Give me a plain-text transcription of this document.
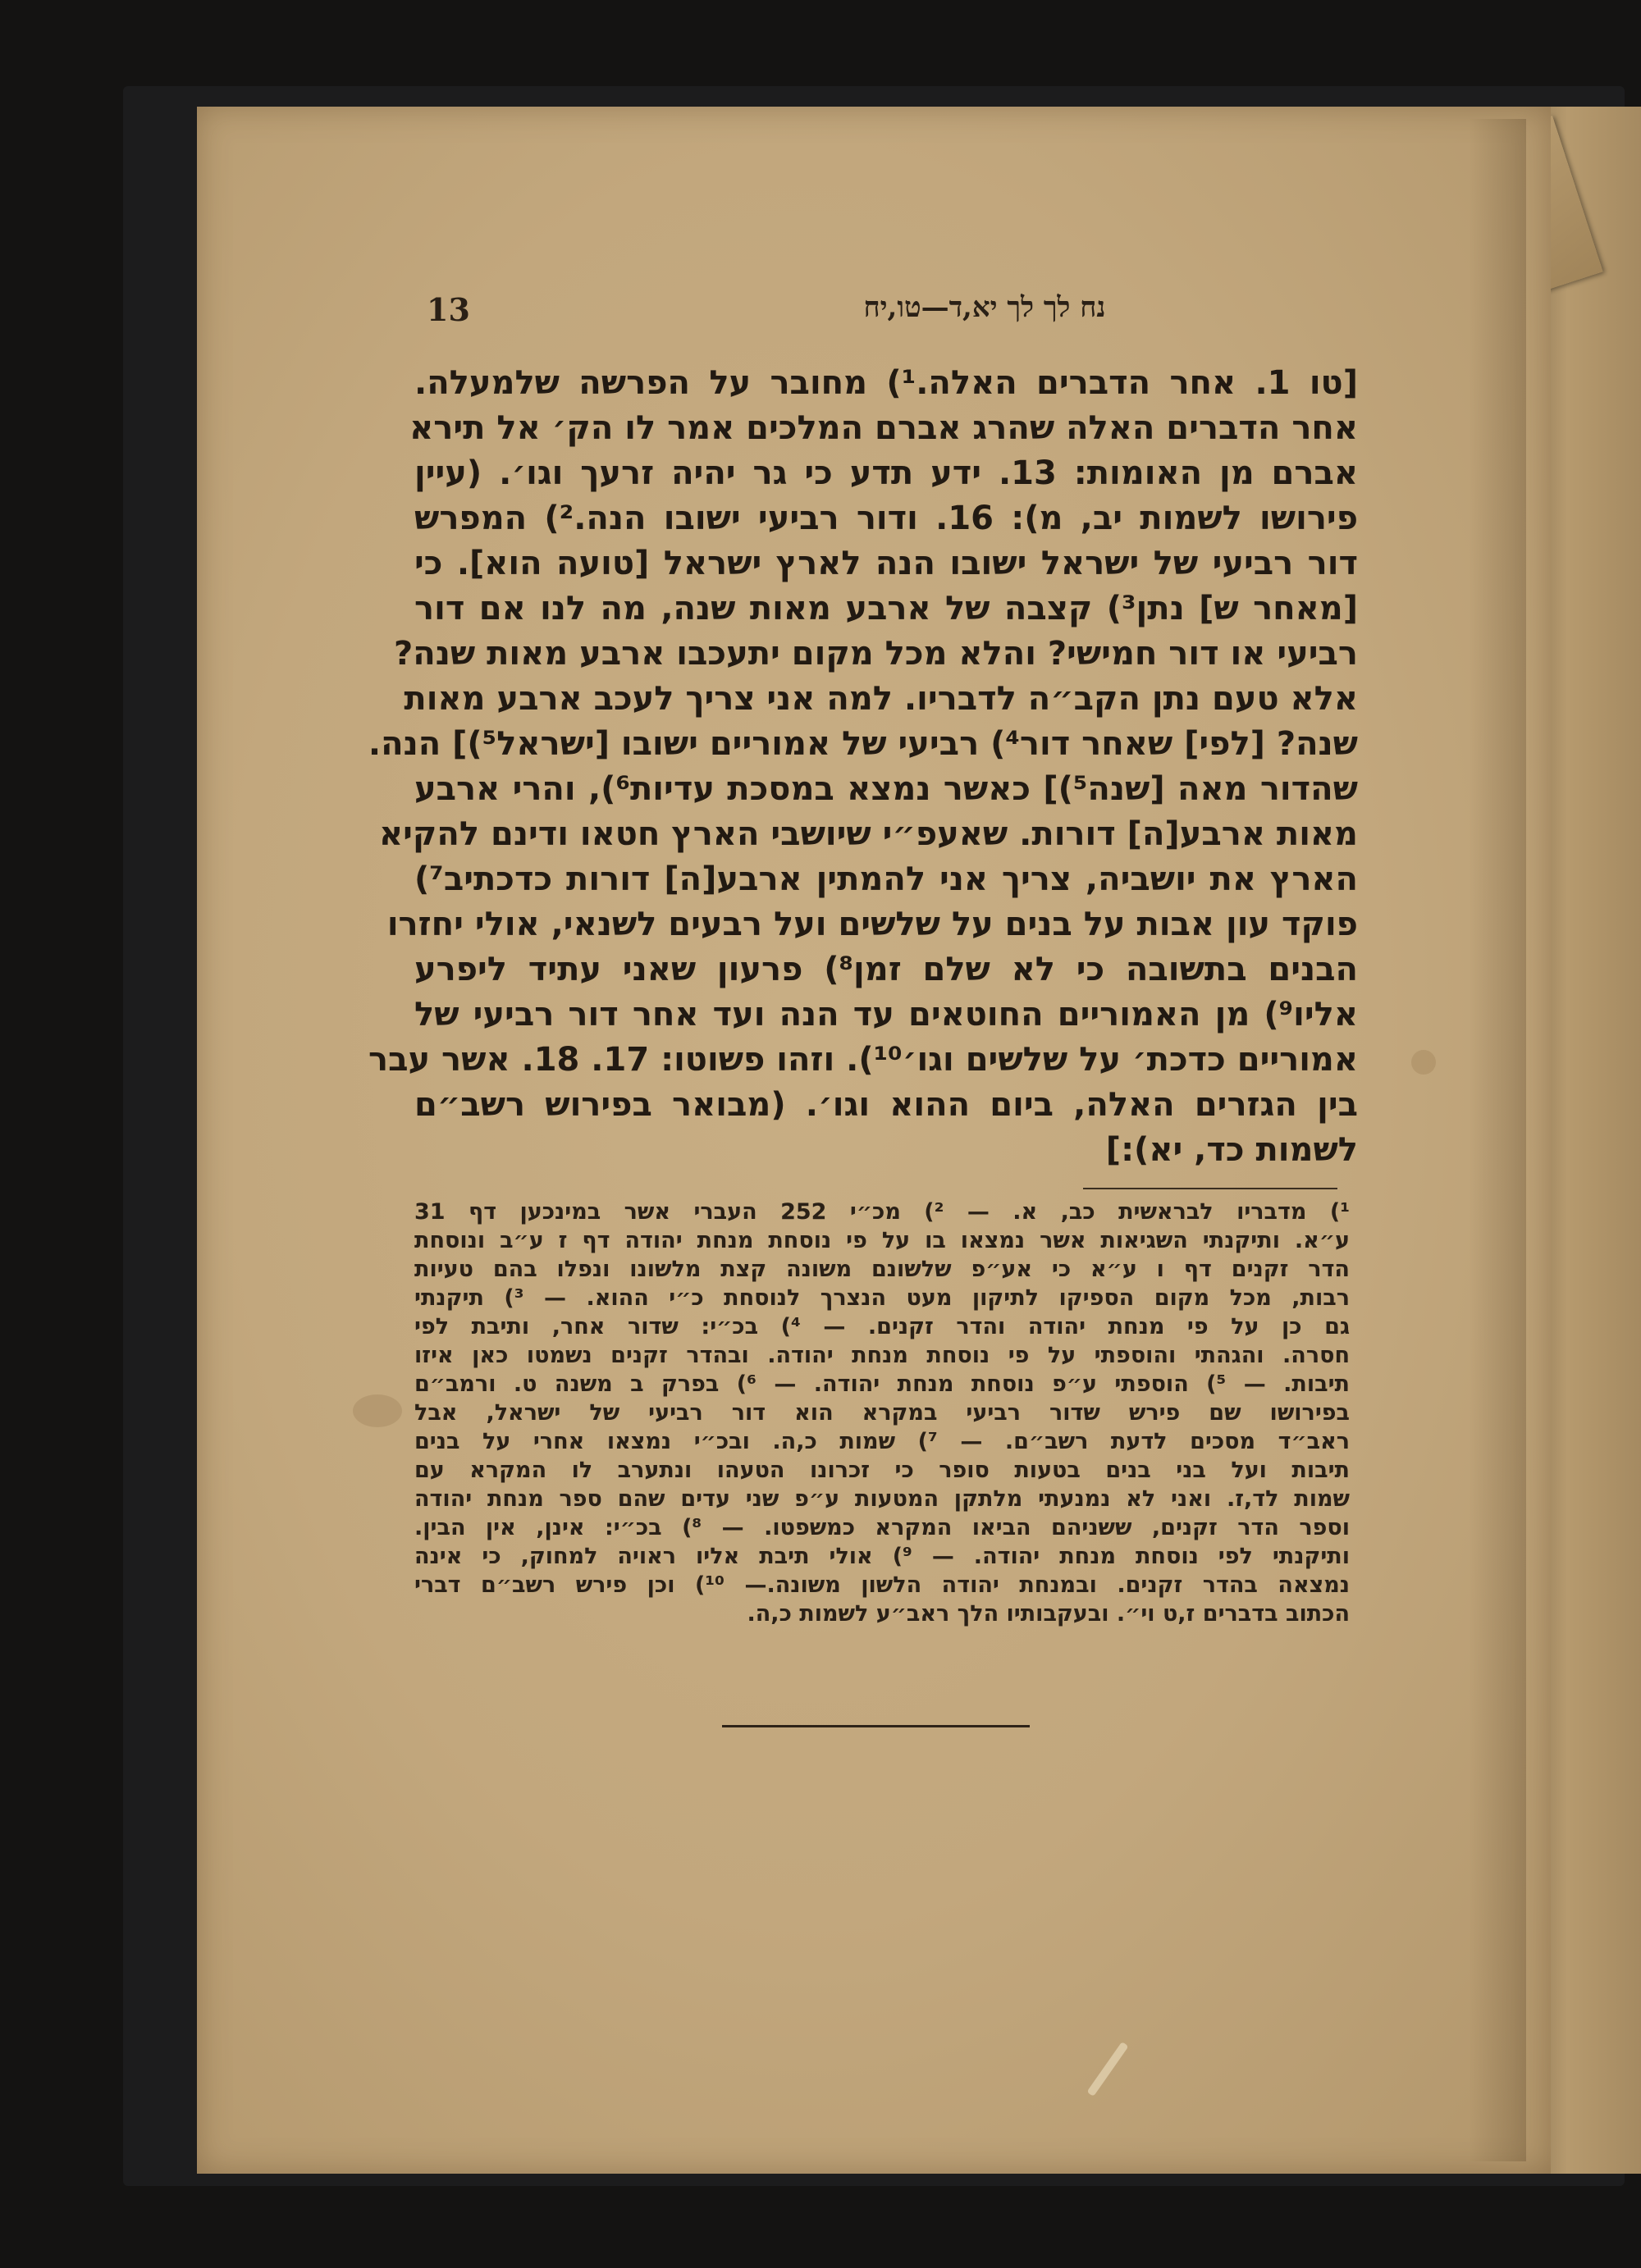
13	נח לך לך יא,ד—טו,יח
[טו 1. אחר הדברים האלה.¹) מחובר על הפרשה שלמעלה.
אחר הדברים האלה שהרג אברם המלכים אמר לו הק׳ אל תירא
אברם מן האומות: 13. ידע תדע כי גר יהיה זרעך וגו׳. (עיין
פירושו לשמות יב, מ): 16. ודור רביעי ישובו הנה.²) המפרש
דור רביעי של ישראל ישובו הנה לארץ ישראל [טועה הוא]. כי
[מאחר ש] נתן³) קצבה של ארבע מאות שנה, מה לנו אם דור
רביעי או דור חמישי? והלא מכל מקום יתעכבו ארבע מאות שנה?
אלא טעם נתן הקב״ה לדבריו. למה אני צריך לעכב ארבע מאות
שנה? [לפי] שאחר דור⁴) רביעי של אמוריים ישובו [ישראל⁵)] הנה.
שהדור מאה [שנה⁵)] כאשר נמצא במסכת עדיות⁶), והרי ארבע
מאות ארבע[ה] דורות. שאעפ״י שיושבי הארץ חטאו ודינם להקיא
הארץ את יושביה, צריך אני להמתין ארבע[ה] דורות כדכתיב⁷)
פוקד עון אבות על בנים על שלשים ועל רבעים לשנאי, אולי יחזרו
הבנים בתשובה כי לא שלם זמן⁸) פרעון שאני עתיד ליפרע
אליו⁹) מן האמוריים החוטאים עד הנה ועד אחר דור רביעי של
אמוריים כדכת׳ על שלשים וגו׳¹⁰). וזהו פשוטו: 17. 18. אשר עבר
בין הגזרים האלה, ביום ההוא וגו׳. (מבואר בפירוש רשב״ם
לשמות כד, יא):]
¹) מדבריו לבראשית כב, א. — ²) מכ״י 252 העברי אשר במינכען דף 31
ע״א. ותיקנתי השגיאות אשר נמצאו בו על פי נוסחת מנחת יהודה דף ז ע״ב ונוסחת
הדר זקנים דף ו ע״א כי אע״פ שלשונם משונה קצת מלשונו ונפלו בהם טעיות
רבות, מכל מקום הספיקו לתיקון מעט הנצרך לנוסחת כ״י ההוא. — ³) תיקנתי
גם כן על פי מנחת יהודה והדר זקנים. — ⁴) בכ״י: שדור אחר, ותיבת לפי
חסרה. והגהתי והוספתי על פי נוסחת מנחת יהודה. ובהדר זקנים נשמטו כאן איזו
תיבות. — ⁵) הוספתי ע״פ נוסחת מנחת יהודה. — ⁶) בפרק ב משנה ט. ורמב״ם
בפירושו שם פירש שדור רביעי במקרא הוא דור רביעי של ישראל, אבל
ראב״ד מסכים לדעת רשב״ם. — ⁷) שמות כ,ה. ובכ״י נמצאו אחרי על בנים
תיבות ועל בני בנים בטעות סופר כי זכרונו הטעהו ונתערב לו המקרא עם
שמות לד,ז. ואני לא נמנעתי מלתקן המטעות ע״פ שני עדים שהם ספר מנחת יהודה
וספר הדר זקנים, ששניהם הביאו המקרא כמשפטו. — ⁸) בכ״י: אינן, אין הבין.
ותיקנתי לפי נוסחת מנחת יהודה. — ⁹) אולי תיבת אליו ראויה למחוק, כי אינה
נמצאה בהדר זקנים. ובמנחת יהודה הלשון משונה.— ¹⁰) וכן פירש רשב״ם דברי
הכתוב בדברים ז,ט וי״. ובעקבותיו הלך ראב״ע לשמות כ,ה.
